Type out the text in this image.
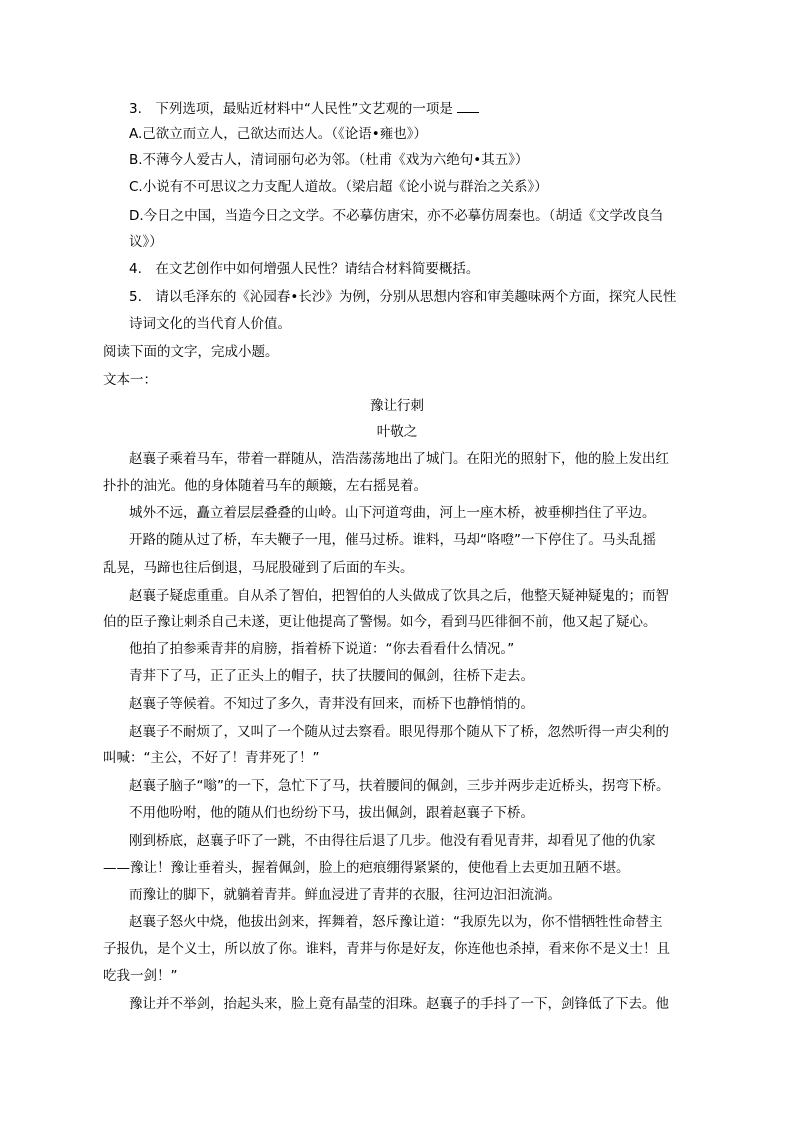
3.　下列选项，最贴近材料中“人民性”文艺观的一项是
A.己欲立而立人，己欲达而达人。（《论语•雍也》）
B.不薄今人爱古人，清词丽句必为邻。（杜甫《戏为六绝句•其五》）
C.小说有不可思议之力支配人道故。（梁启超《论小说与群治之关系》）
D.今日之中国，当造今日之文学。不必摹仿唐宋，亦不必摹仿周秦也。（胡适《文学改良刍
议》）
4.　在文艺创作中如何增强人民性？请结合材料简要概括。
5.　请以毛泽东的《沁园春•长沙》为例，分别从思想内容和审美趣味两个方面，探究人民性
诗词文化的当代育人价值。
阅读下面的文字，完成小题。
文本一：
豫让行刺
叶敬之
赵襄子乘着马车，带着一群随从，浩浩荡荡地出了城门。在阳光的照射下，他的脸上发出红
扑扑的油光。他的身体随着马车的颠簸，左右摇晃着。
城外不远，矗立着层层叠叠的山岭。山下河道弯曲，河上一座木桥，被垂柳挡住了平边。
开路的随从过了桥，车夫鞭子一甩，催马过桥。谁料，马却“咯噔”一下停住了。马头乱摇
乱晃，马蹄也往后倒退，马屁股碰到了后面的车头。
赵襄子疑虑重重。自从杀了智伯，把智伯的人头做成了饮具之后，他整天疑神疑鬼的；而智
伯的臣子豫让刺杀自己未遂，更让他提高了警惕。如今，看到马匹徘徊不前，他又起了疑心。
他拍了拍参乘青荓的肩膀，指着桥下说道：“你去看看什么情况。”
青荓下了马，正了正头上的帽子，扶了扶腰间的佩剑，往桥下走去。
赵襄子等候着。不知过了多久，青荓没有回来，而桥下也静悄悄的。
赵襄子不耐烦了，又叫了一个随从过去察看。眼见得那个随从下了桥，忽然听得一声尖利的
叫喊：“主公，不好了！青荓死了！”
赵襄子脑子“嗡”的一下，急忙下了马，扶着腰间的佩剑，三步并两步走近桥头，拐弯下桥。
不用他吩咐，他的随从们也纷纷下马，拔出佩剑，跟着赵襄子下桥。
刚到桥底，赵襄子吓了一跳，不由得往后退了几步。他没有看见青荓，却看见了他的仇家
——豫让！豫让垂着头，握着佩剑，脸上的疤痕绷得紧紧的，使他看上去更加丑陋不堪。
而豫让的脚下，就躺着青荓。鲜血浸进了青荓的衣服，往河边汩汩流淌。
赵襄子怒火中烧，他拔出剑来，挥舞着，怒斥豫让道：“我原先以为，你不惜牺牲性命替主
子报仇，是个义士，所以放了你。谁料，青荓与你是好友，你连他也杀掉，看来你不是义士！且
吃我一剑！”
豫让并不举剑，抬起头来，脸上竟有晶莹的泪珠。赵襄子的手抖了一下，剑锋低了下去。他
